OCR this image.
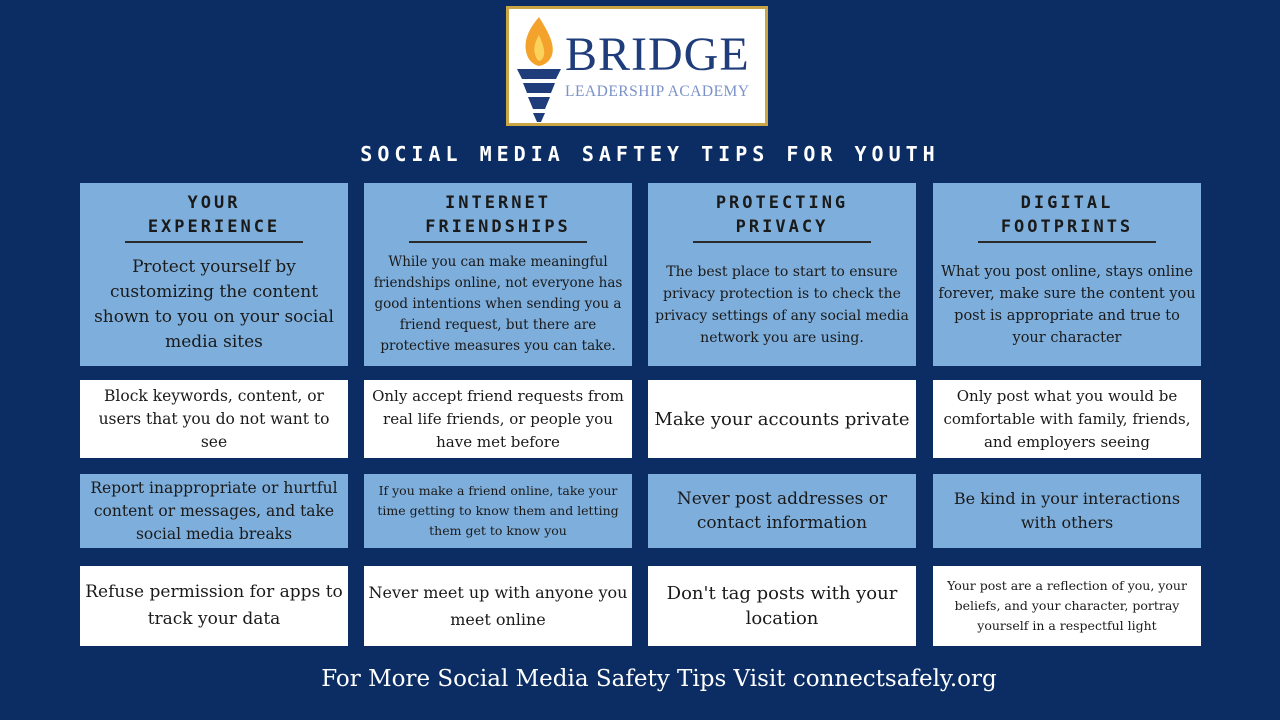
BRIDGE
LEADERSHIP ACADEMY
SOCIAL MEDIA SAFTEY TIPS FOR YOUTH
YOUR
EXPERIENCE
Protect yourself by customizing the content shown to you on your social media sites
Block keywords, content, or users that you do not want to see
Report inappropriate or hurtful content or messages, and take social media breaks
Refuse permission for apps to track your data
INTERNET
FRIENDSHIPS
While you can make meaningful friendships online, not everyone has good intentions when sending you a friend request, but there are protective measures you can take.
Only accept friend requests from real life friends, or people you have met before
If you make a friend online, take your time getting to know them and letting them get to know you
Never meet up with anyone you meet online
PROTECTING
PRIVACY
The best place to start to ensure privacy protection is to check the privacy settings of any social media network you are using.
Make your accounts private
Never post addresses or contact information
Don't tag posts with your location
DIGITAL
FOOTPRINTS
What you post online, stays online forever, make sure the content you post is appropriate and true to your character
Only post what you would be comfortable with family, friends, and employers seeing
Be kind in your interactions with others
Your post are a reflection of you, your beliefs, and your character, portray yourself in a respectful light
For More Social Media Safety Tips Visit connectsafely.org
